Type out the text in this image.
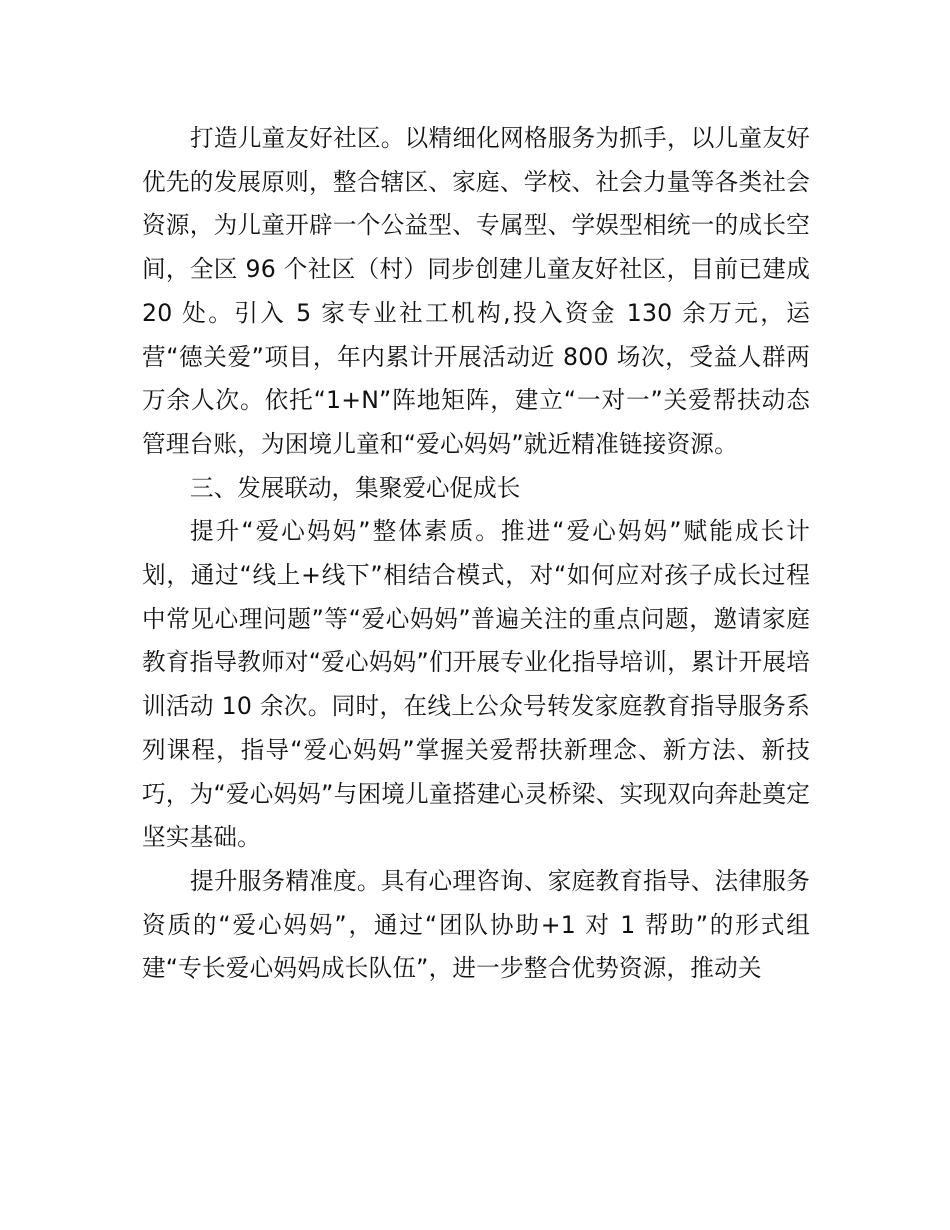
打造儿童友好社区。以精细化网格服务为抓手，以儿童友好优先的发展原则，整合辖区、家庭、学校、社会力量等各类社会资源，为儿童开辟一个公益型、专属型、学娱型相统一的成长空间，全区 96 个社区（村）同步创建儿童友好社区，目前已建成 20 处。引入 5 家专业社工机构,投入资金 130 余万元，运营“德关爱”项目，年内累计开展活动近 800 场次，受益人群两万余人次。依托“1+N”阵地矩阵，建立“一对一”关爱帮扶动态管理台账，为困境儿童和“爱心妈妈”就近精准链接资源。

三、发展联动，集聚爱心促成长

提升“爱心妈妈”整体素质。推进“爱心妈妈”赋能成长计划，通过“线上+线下”相结合模式，对“如何应对孩子成长过程中常见心理问题”等“爱心妈妈”普遍关注的重点问题，邀请家庭教育指导教师对“爱心妈妈”们开展专业化指导培训，累计开展培训活动 10 余次。同时，在线上公众号转发家庭教育指导服务系列课程，指导“爱心妈妈”掌握关爱帮扶新理念、新方法、新技巧，为“爱心妈妈”与困境儿童搭建心灵桥梁、实现双向奔赴奠定坚实基础。

提升服务精准度。具有心理咨询、家庭教育指导、法律服务资质的“爱心妈妈”，通过“团队协助+1 对 1 帮助”的形式组建“专长爱心妈妈成长队伍”，进一步整合优势资源，推动关
